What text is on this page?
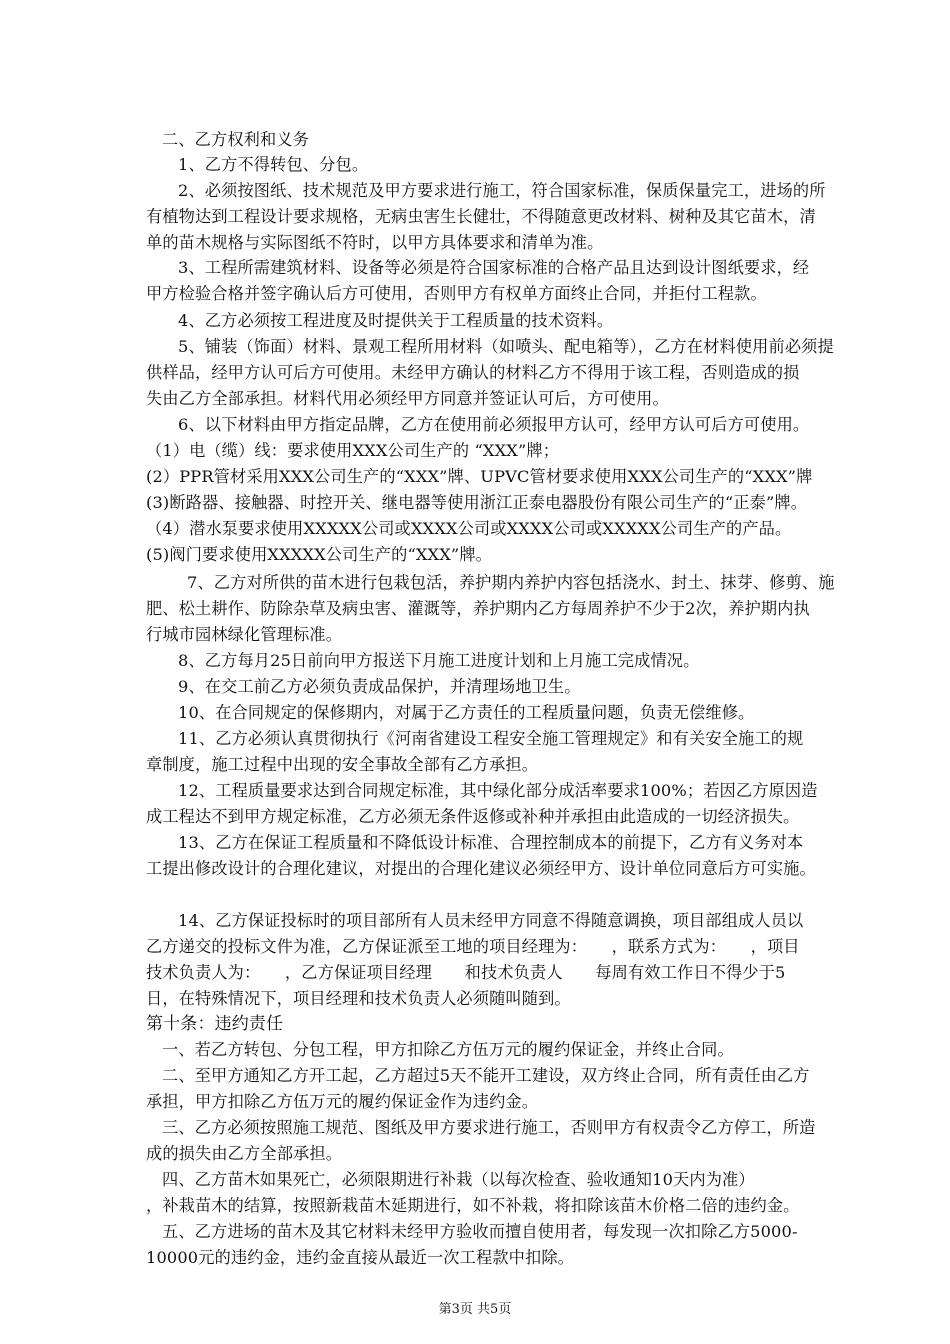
二、乙方权利和义务
1、乙方不得转包、分包。
2、必须按图纸、技术规范及甲方要求进行施工，符合国家标准，保质保量完工，进场的所
有植物达到工程设计要求规格，无病虫害生长健壮，不得随意更改材料、树种及其它苗木，清
单的苗木规格与实际图纸不符时，以甲方具体要求和清单为准。
3、工程所需建筑材料、设备等必须是符合国家标准的合格产品且达到设计图纸要求，经
甲方检验合格并签字确认后方可使用，否则甲方有权单方面终止合同，并拒付工程款。
4、乙方必须按工程进度及时提供关于工程质量的技术资料。
5、铺装（饰面）材料、景观工程所用材料（如喷头、配电箱等），乙方在材料使用前必须提
供样品，经甲方认可后方可使用。未经甲方确认的材料乙方不得用于该工程，否则造成的损
失由乙方全部承担。材料代用必须经甲方同意并签证认可后，方可使用。
6、以下材料由甲方指定品牌，乙方在使用前必须报甲方认可，经甲方认可后方可使用。
（1）电（缆）线：要求使用XXX公司生产的 “XXX”牌；
(2）PPR管材采用XXX公司生产的“XXX”牌、UPVC管材要求使用XXX公司生产的“XXX”牌
(3)断路器、接触器、时控开关、继电器等使用浙江正泰电器股份有限公司生产的“正泰”牌。
（4）潜水泵要求使用XXXXX公司或XXXX公司或XXXX公司或XXXXX公司生产的产品。
(5)阀门要求使用XXXXX公司生产的“XXX”牌。
7、乙方对所供的苗木进行包栽包活，养护期内养护内容包括浇水、封土、抹芽、修剪、施
肥、松土耕作、防除杂草及病虫害、灌溉等，养护期内乙方每周养护不少于2次，养护期内执
行城市园林绿化管理标准。
8、乙方每月25日前向甲方报送下月施工进度计划和上月施工完成情况。
9、在交工前乙方必须负责成品保护，并清理场地卫生。
10、在合同规定的保修期内，对属于乙方责任的工程质量问题，负责无偿维修。
11、乙方必须认真贯彻执行《河南省建设工程安全施工管理规定》和有关安全施工的规
章制度，施工过程中出现的安全事故全部有乙方承担。
12、工程质量要求达到合同规定标准，其中绿化部分成活率要求100%；若因乙方原因造
成工程达不到甲方规定标准，乙方必须无条件返修或补种并承担由此造成的一切经济损失。
13、乙方在保证工程质量和不降低设计标准、合理控制成本的前提下，乙方有义务对本
工提出修改设计的合理化建议，对提出的合理化建议必须经甲方、设计单位同意后方可实施。
14、乙方保证投标时的项目部所有人员未经甲方同意不得随意调换，项目部组成人员以
乙方递交的投标文件为准，乙方保证派至工地的项目经理为：　　，联系方式为：　　，项目
技术负责人为：　　，乙方保证项目经理　　和技术负责人　　每周有效工作日不得少于5
日，在特殊情况下，项目经理和技术负责人必须随叫随到。
第十条：违约责任
一、若乙方转包、分包工程，甲方扣除乙方伍万元的履约保证金，并终止合同。
二、至甲方通知乙方开工起，乙方超过5天不能开工建设，双方终止合同，所有责任由乙方
承担，甲方扣除乙方伍万元的履约保证金作为违约金。
三、乙方必须按照施工规范、图纸及甲方要求进行施工，否则甲方有权责令乙方停工，所造
成的损失由乙方全部承担。
四、乙方苗木如果死亡，必须限期进行补栽（以每次检查、验收通知10天内为准）
，补栽苗木的结算，按照新栽苗木延期进行，如不补栽，将扣除该苗木价格二倍的违约金。
五、乙方进场的苗木及其它材料未经甲方验收而擅自使用者，每发现一次扣除乙方5000-
10000元的违约金，违约金直接从最近一次工程款中扣除。
第3页 共5页
